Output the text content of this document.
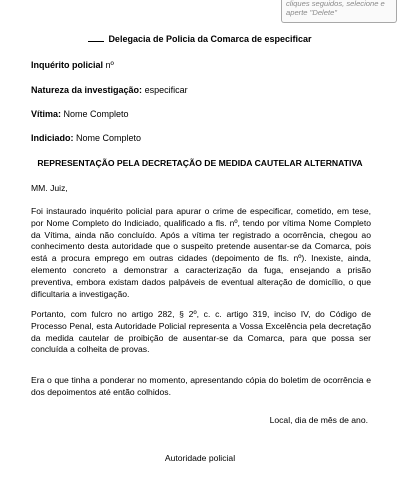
cliques seguidos, selecione e
aperte "Delete"
Delegacia de Policia da Comarca de especificar
Inquérito policial nº
Natureza da investigação: especificar
Vítima: Nome Completo
Indiciado: Nome Completo
REPRESENTAÇÃO PELA DECRETAÇÃO DE MEDIDA CAUTELAR ALTERNATIVA
MM. Juiz,
Foi instaurado inquérito policial para apurar o crime de especificar, cometido, em tese, por Nome Completo do Indiciado, qualificado a fls. nº, tendo por vítima Nome Completo da Vítima, ainda não concluído. Após a vítima ter registrado a ocorrência, chegou ao conhecimento desta autoridade que o suspeito pretende ausentar-se da Comarca, pois está a procura emprego em outras cidades (depoimento de fls. nº). Inexiste, ainda, elemento concreto a demonstrar a caracterização da fuga, ensejando a prisão preventiva, embora existam dados palpáveis de eventual alteração de domicílio, o que dificultaria a investigação.
Portanto, com fulcro no artigo 282, § 2º, c. c. artigo 319, inciso IV, do Código de Processo Penal, esta Autoridade Policial representa a Vossa Excelência pela decretação da medida cautelar de proibição de ausentar-se da Comarca, para que possa ser concluída a colheita de provas.
Era o que tinha a ponderar no momento, apresentando cópia do boletim de ocorrência e dos depoimentos até então colhidos.
Local, dia de mês de ano.
Autoridade policial
